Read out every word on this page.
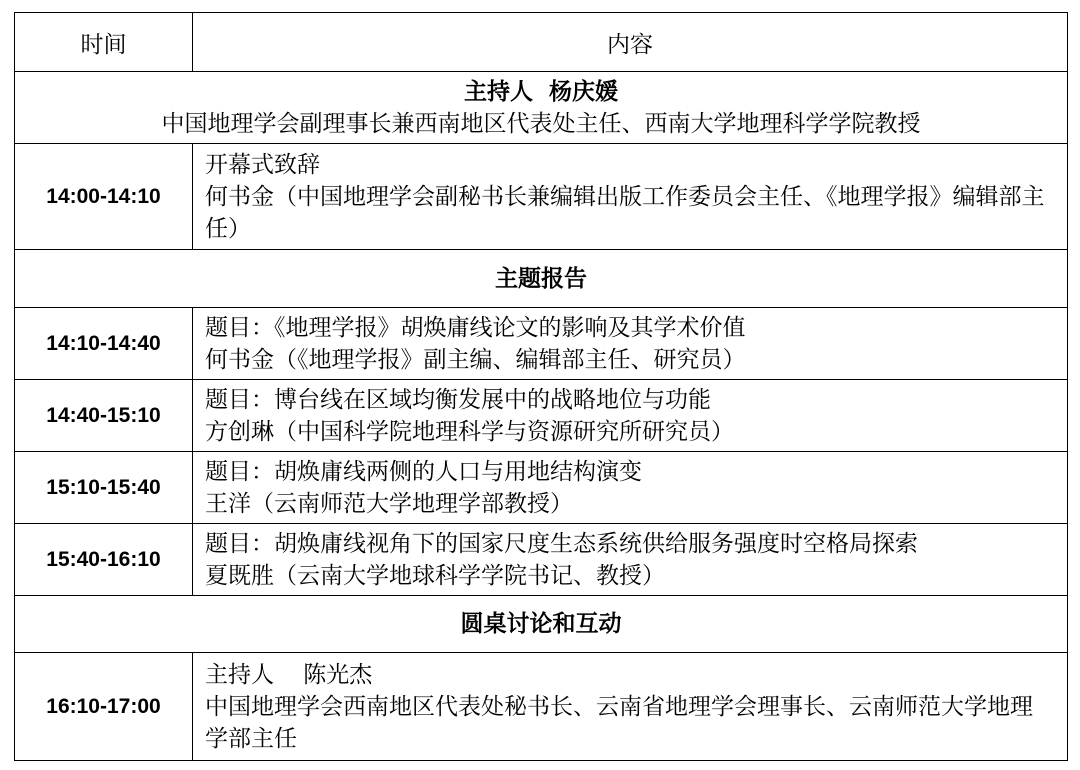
时间	内容

主持人  杨庆媛
中国地理学会副理事长兼西南地区代表处主任、西南大学地理科学学院教授	

14:00-14:10	开幕式致辞
何书金（中国地理学会副秘书长兼编辑出版工作委员会主任、《地理学报》编辑部主任）

主题报告	
14:10-14:40	题目：《地理学报》胡焕庸线论文的影响及其学术价值
何书金（《地理学报》副主编、编辑部主任、研究员）

14:40-15:10	题目：博台线在区域均衡发展中的战略地位与功能
方创琳（中国科学院地理科学与资源研究所研究员）

15:10-15:40	题目：胡焕庸线两侧的人口与用地结构演变
王洋（云南师范大学地理学部教授）

15:40-16:10	题目：胡焕庸线视角下的国家尺度生态系统供给服务强度时空格局探索
夏既胜（云南大学地球科学学院书记、教授）

圆桌讨论和互动	
16:10-17:00	主持人    陈光杰
中国地理学会西南地区代表处秘书长、云南省地理学会理事长、云南师范大学地理学部主任
